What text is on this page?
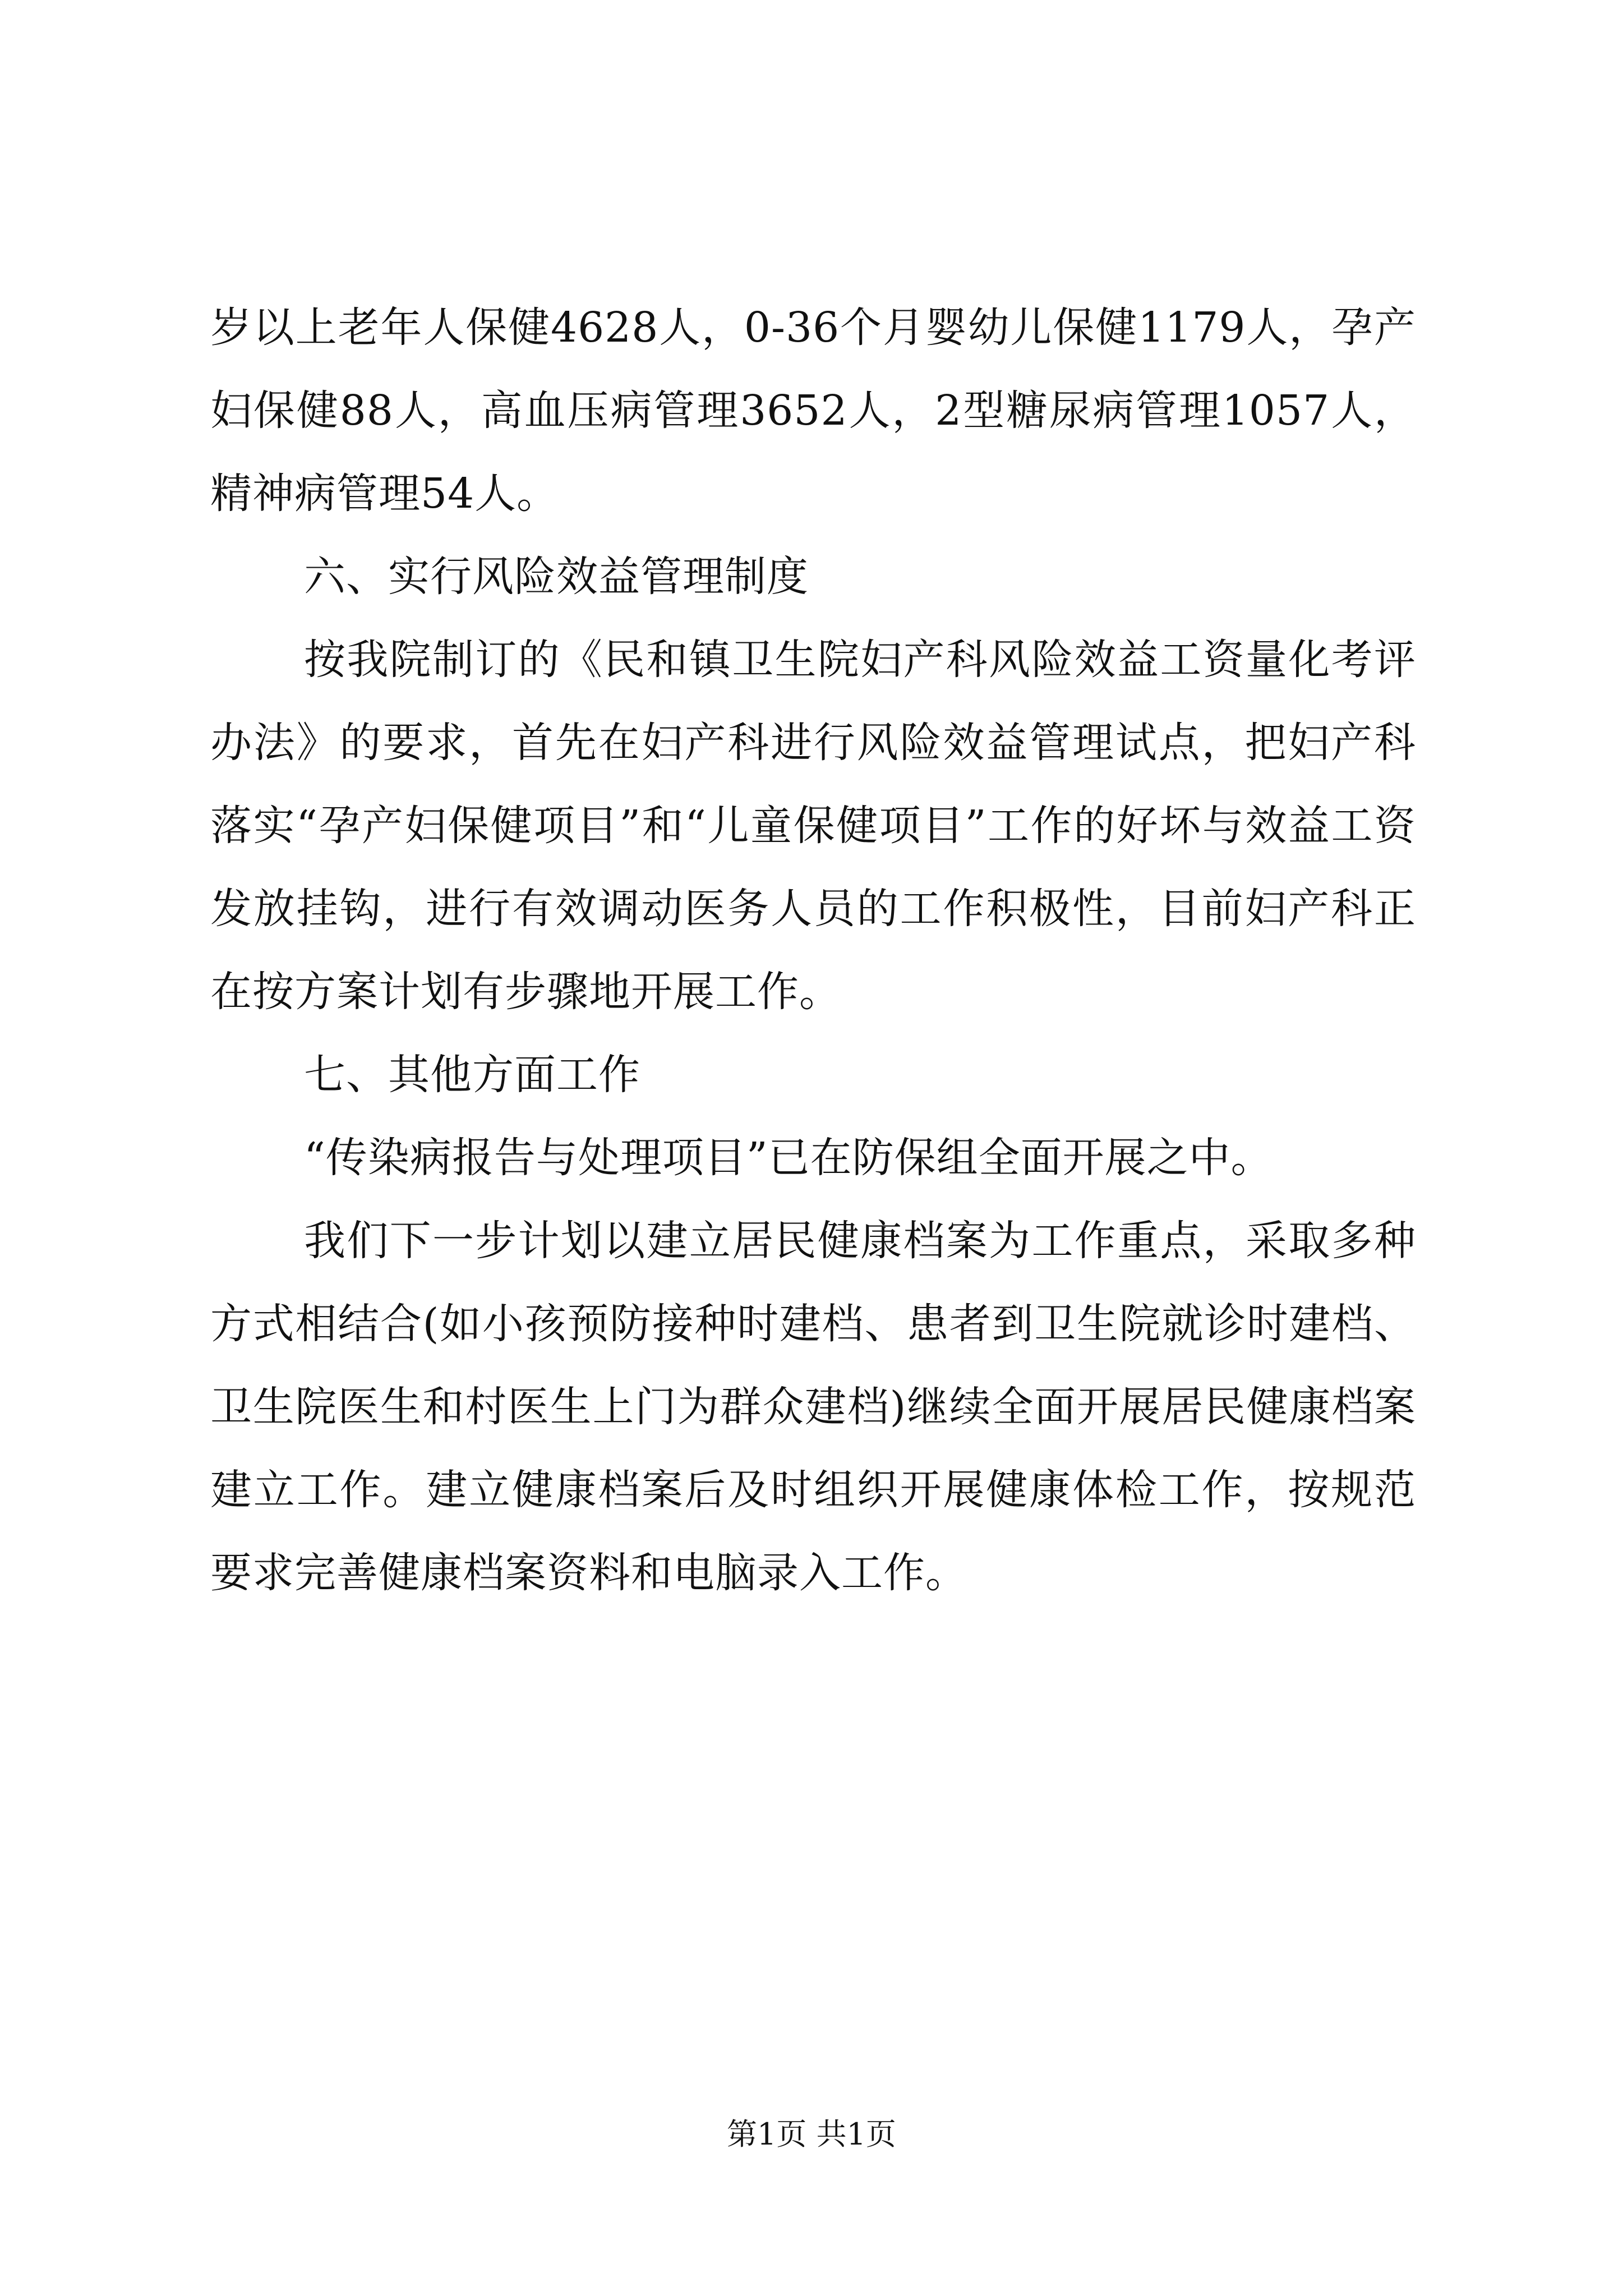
岁以上老年人保健4628人，0-36个月婴幼儿保健1179人，孕产妇保健88人，高血压病管理3652人，2型糖尿病管理1057人，精神病管理54人。

六、实行风险效益管理制度

按我院制订的《民和镇卫生院妇产科风险效益工资量化考评办法》的要求，首先在妇产科进行风险效益管理试点，把妇产科落实“孕产妇保健项目”和“儿童保健项目”工作的好坏与效益工资发放挂钩，进行有效调动医务人员的工作积极性，目前妇产科正在按方案计划有步骤地开展工作。

七、其他方面工作

“传染病报告与处理项目”已在防保组全面开展之中。

我们下一步计划以建立居民健康档案为工作重点，采取多种方式相结合(如小孩预防接种时建档、患者到卫生院就诊时建档、卫生院医生和村医生上门为群众建档)继续全面开展居民健康档案建立工作。建立健康档案后及时组织开展健康体检工作，按规范要求完善健康档案资料和电脑录入工作。

第1页 共1页
